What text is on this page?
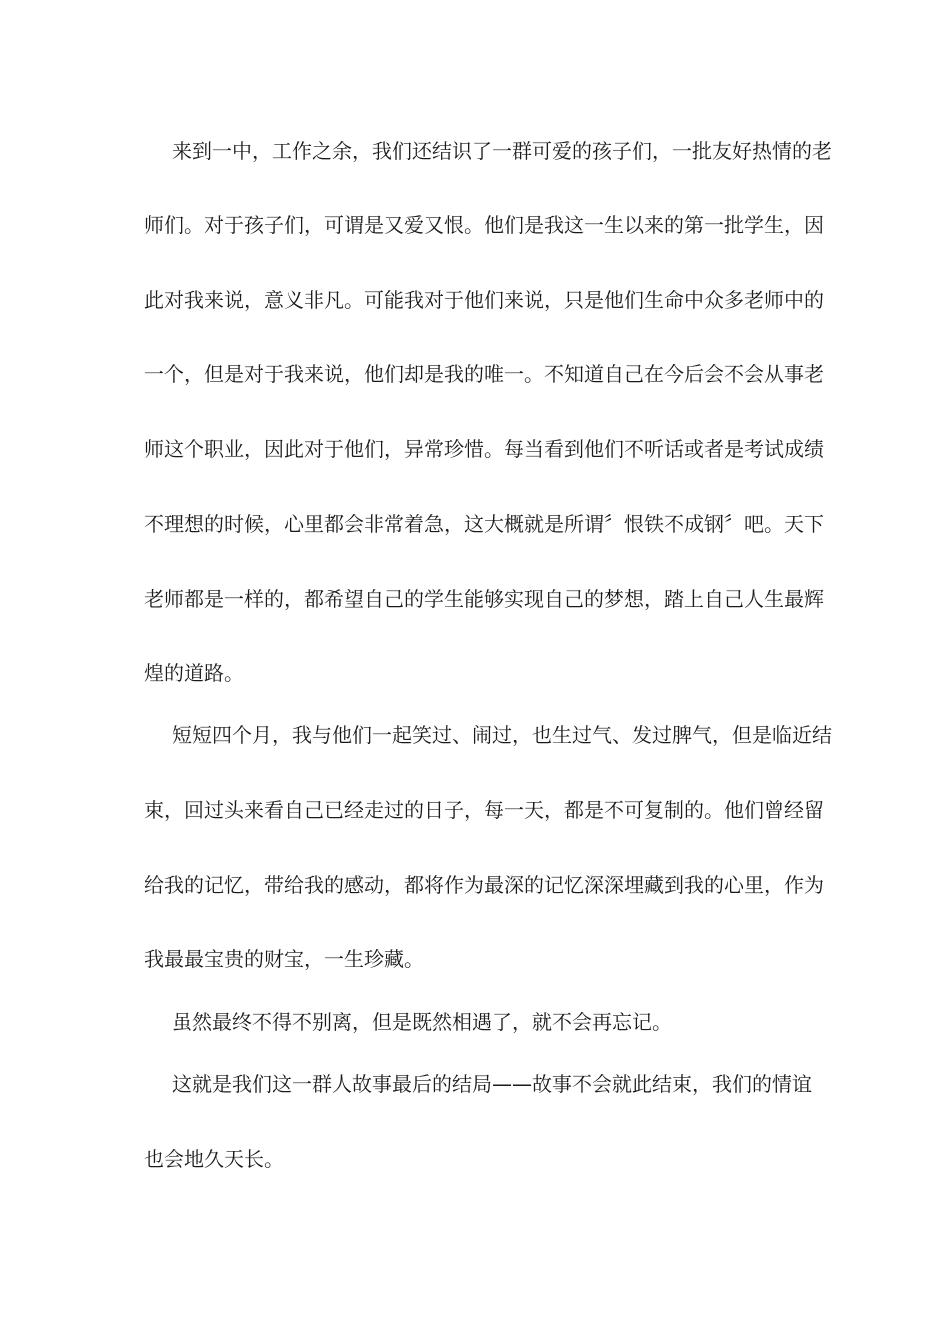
来到一中，工作之余，我们还结识了一群可爱的孩子们，一批友好热情的老
师们。对于孩子们，可谓是又爱又恨。他们是我这一生以来的第一批学生，因
此对我来说，意义非凡。可能我对于他们来说，只是他们生命中众多老师中的
一个，但是对于我来说，他们却是我的唯一。不知道自己在今后会不会从事老
师这个职业，因此对于他们，异常珍惜。每当看到他们不听话或者是考试成绩
不理想的时候，心里都会非常着急，这大概就是所谓〞恨铁不成钢〞吧。天下
老师都是一样的，都希望自己的学生能够实现自己的梦想，踏上自己人生最辉
煌的道路。
短短四个月，我与他们一起笑过、闹过，也生过气、发过脾气，但是临近结
束，回过头来看自己已经走过的日子，每一天，都是不可复制的。他们曾经留
给我的记忆，带给我的感动，都将作为最深的记忆深深埋藏到我的心里，作为
我最最宝贵的财宝，一生珍藏。
虽然最终不得不别离，但是既然相遇了，就不会再忘记。
这就是我们这一群人故事最后的结局——故事不会就此结束，我们的情谊
也会地久天长。
